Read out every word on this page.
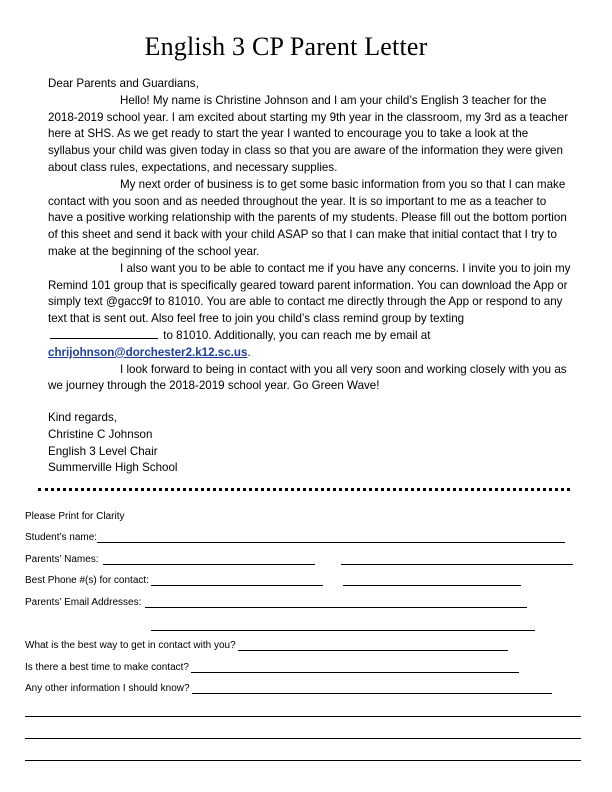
English 3 CP Parent Letter

Dear Parents and Guardians,

Hello! My name is Christine Johnson and I am your child’s English 3 teacher for the 2018-2019 school year. I am excited about starting my 9th year in the classroom, my 3rd as a teacher here at SHS. As we get ready to start the year I wanted to encourage you to take a look at the syllabus your child was given today in class so that you are aware of the information they were given about class rules, expectations, and necessary supplies.

My next order of business is to get some basic information from you so that I can make contact with you soon and as needed throughout the year. It is so important to me as a teacher to have a positive working relationship with the parents of my students. Please fill out the bottom portion of this sheet and send it back with your child ASAP so that I can make that initial contact that I try to make at the beginning of the school year.

I also want you to be able to contact me if you have any concerns. I invite you to join my Remind 101 group that is specifically geared toward parent information. You can download the App or simply text @gacc9f to 81010. You are able to contact me directly through the App or respond to any text that is sent out. Also feel free to join you child’s class remind group by texting  to 81010. Additionally, you can reach me by email at chrijohnson@dorchester2.k12.sc.us.

I look forward to being in contact with you all very soon and working closely with you as we journey through the 2018-2019 school year. Go Green Wave!

Kind regards,
Christine C Johnson
English 3 Level Chair
Summerville High School
Please Print for Clarity
Student’s name:
Parents’ Names:
Best Phone #(s) for contact:
Parents’ Email Addresses:
What is the best way to get in contact with you?
Is there a best time to make contact?
Any other information I should know?
